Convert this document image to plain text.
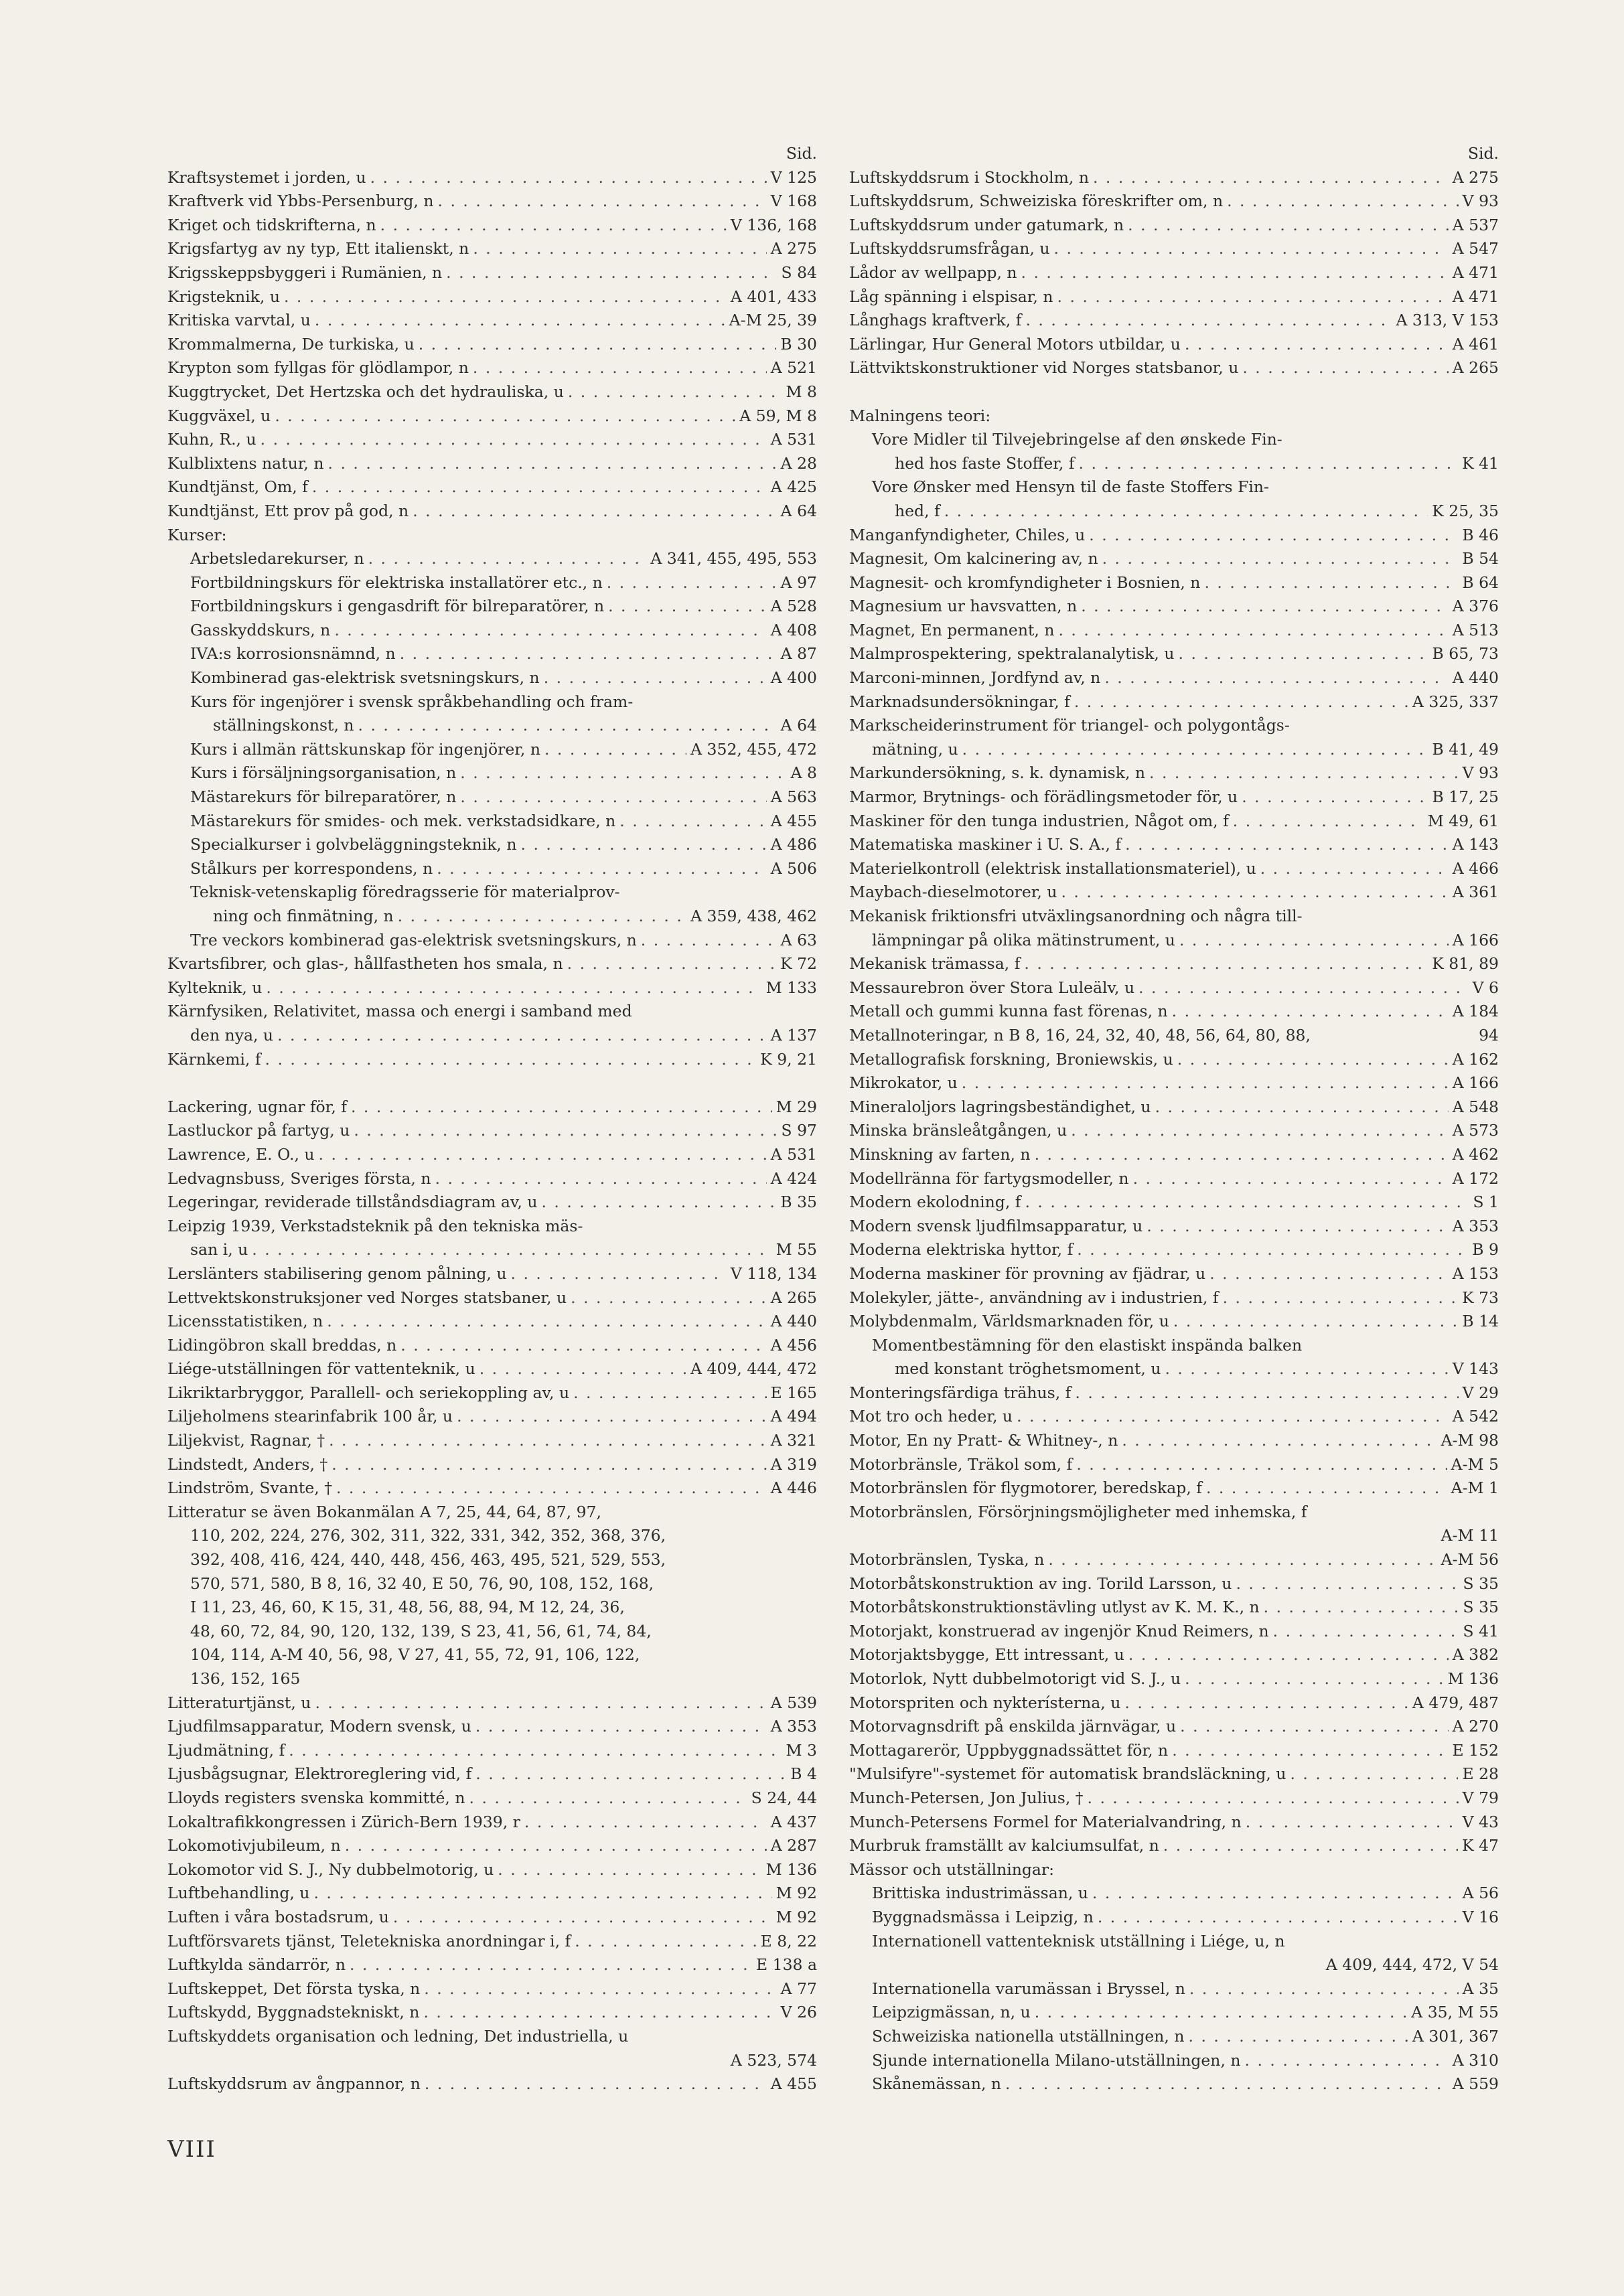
Sid.
Kraftsystemet i jorden, u . . .	V 125
Kraftverk vid Ybbs-Persenburg, n . . .	V 168
Kriget och tidskrifterna, n . . .	V 136, 168
Krigsfartyg av ny typ, Ett italienskt, n . . .	A 275
Krigsskeppsbyggeri i Rumänien, n . . .	S 84
Krigsteknik, u . . .	A 401, 433
Kritiska varvtal, u . . .	A-M 25, 39
Krommalmerna, De turkiska, u . . .	B 30
Krypton som fyllgas för glödlampor, n . . .	A 521
Kuggtrycket, Det Hertzska och det hydrauliska, u . . .	M 8
Kuggväxel, u . . .	A 59, M 8
Kuhn, R., u . . .	A 531
Kulblixtens natur, n . . .	A 28
Kundtjänst, Om, f . . .	A 425
Kundtjänst, Ett prov på god, n . . .	A 64
Kurser:
Arbetsledarekurser, n . . .	A 341, 455, 495, 553
Fortbildningskurs för elektriska installatörer etc., n . . .	A 97
Fortbildningskurs i gengasdrift för bilreparatörer, n . . .	A 528
Gasskyddskurs, n . . .	A 408
IVA:s korrosionsnämnd, n . . .	A 87
Kombinerad gas-elektrisk svetsningskurs, n . . .	A 400
Kurs för ingenjörer i svensk språkbehandling och fram-
ställningskonst, n . . .	A 64
Kurs i allmän rättskunskap för ingenjörer, n . . .	A 352, 455, 472
Kurs i försäljningsorganisation, n . . .	A 8
Mästarekurs för bilreparatörer, n . . .	A 563
Mästarekurs för smides- och mek. verkstadsidkare, n . . .	A 455
Specialkurser i golvbeläggningsteknik, n . . .	A 486
Stålkurs per korrespondens, n . . .	A 506
Teknisk-vetenskaplig föredragsserie för materialprov-
ning och finmätning, n . . .	A 359, 438, 462
Tre veckors kombinerad gas-elektrisk svetsningskurs, n . . .	A 63
Kvartsfibrer, och glas-, hållfastheten hos smala, n . . .	K 72
Kylteknik, u . . .	M 133
Kärnfysiken, Relativitet, massa och energi i samband med
den nya, u . . .	A 137
Kärnkemi, f . . .	K 9, 21
Lackering, ugnar för, f . . .	M 29
Lastluckor på fartyg, u . . .	S 97
Lawrence, E. O., u . . .	A 531
Ledvagnsbuss, Sveriges första, n . . .	A 424
Legeringar, reviderade tillståndsdiagram av, u . . .	B 35
Leipzig 1939, Verkstadsteknik på den tekniska mäs-
san i, u . . .	M 55
Lerslänters stabilisering genom pålning, u . . .	V 118, 134
Lettvektskonstruksjoner ved Norges statsbaner, u . . .	A 265
Licensstatistiken, n . . .	A 440
Lidingöbron skall breddas, n . . .	A 456
Liége-utställningen för vattenteknik, u . . .	A 409, 444, 472
Likriktarbryggor, Parallell- och seriekoppling av, u . . .	E 165
Liljeholmens stearinfabrik 100 år, u . . .	A 494
Liljekvist, Ragnar, † . . .	A 321
Lindstedt, Anders, † . . .	A 319
Lindström, Svante, † . . .	A 446
Litteratur se även Bokanmälan A 7, 25, 44, 64, 87, 97,
110, 202, 224, 276, 302, 311, 322, 331, 342, 352, 368, 376,
392, 408, 416, 424, 440, 448, 456, 463, 495, 521, 529, 553,
570, 571, 580, B 8, 16, 32 40, E 50, 76, 90, 108, 152, 168,
I 11, 23, 46, 60, K 15, 31, 48, 56, 88, 94, M 12, 24, 36,
48, 60, 72, 84, 90, 120, 132, 139, S 23, 41, 56, 61, 74, 84,
104, 114, A-M 40, 56, 98, V 27, 41, 55, 72, 91, 106, 122,
136, 152, 165
Litteraturtjänst, u . . .	A 539
Ljudfilmsapparatur, Modern svensk, u . . .	A 353
Ljudmätning, f . . .	M 3
Ljusbågsugnar, Elektroreglering vid, f . . .	B 4
Lloyds registers svenska kommitté, n . . .	S 24, 44
Lokaltrafikkongressen i Zürich-Bern 1939, r . . .	A 437
Lokomotivjubileum, n . . .	A 287
Lokomotor vid S. J., Ny dubbelmotorig, u . . .	M 136
Luftbehandling, u . . .	M 92
Luften i våra bostadsrum, u . . .	M 92
Luftförsvarets tjänst, Teletekniska anordningar i, f . . .	E 8, 22
Luftkylda sändarrör, n . . .	E 138 a
Luftskeppet, Det första tyska, n . . .	A 77
Luftskydd, Byggnadstekniskt, n . . .	V 26
Luftskyddets organisation och ledning, Det industriella, u
A 523, 574
Luftskyddsrum av ångpannor, n . . .	A 455
Sid.
Luftskyddsrum i Stockholm, n . . .	A 275
Luftskyddsrum, Schweiziska föreskrifter om, n . . .	V 93
Luftskyddsrum under gatumark, n . . .	A 537
Luftskyddsrumsfrågan, u . . .	A 547
Lådor av wellpapp, n . . .	A 471
Låg spänning i elspisar, n . . .	A 471
Långhags kraftverk, f . . .	A 313, V 153
Lärlingar, Hur General Motors utbildar, u . . .	A 461
Lättviktskonstruktioner vid Norges statsbanor, u . . .	A 265
Malningens teori:
Vore Midler til Tilvejebringelse af den ønskede Fin-
hed hos faste Stoffer, f . . .	K 41
Vore Ønsker med Hensyn til de faste Stoffers Fin-
hed, f . . .	K 25, 35
Manganfyndigheter, Chiles, u . . .	B 46
Magnesit, Om kalcinering av, n . . .	B 54
Magnesit- och kromfyndigheter i Bosnien, n . . .	B 64
Magnesium ur havsvatten, n . . .	A 376
Magnet, En permanent, n . . .	A 513
Malmprospektering, spektralanalytisk, u . . .	B 65, 73
Marconi-minnen, Jordfynd av, n . . .	A 440
Marknadsundersökningar, f . . .	A 325, 337
Markscheiderinstrument för triangel- och polygontågs-
mätning, u . . .	B 41, 49
Markundersökning, s. k. dynamisk, n . . .	V 93
Marmor, Brytnings- och förädlingsmetoder för, u . . .	B 17, 25
Maskiner för den tunga industrien, Något om, f . . .	M 49, 61
Matematiska maskiner i U. S. A., f . . .	A 143
Materielkontroll (elektrisk installationsmateriel), u . . .	A 466
Maybach-dieselmotorer, u . . .	A 361
Mekanisk friktionsfri utväxlingsanordning och några till-
lämpningar på olika mätinstrument, u . . .	A 166
Mekanisk trämassa, f . . .	K 81, 89
Messaurebron över Stora Luleälv, u . . .	V 6
Metall och gummi kunna fast förenas, n . . .	A 184
Metallnoteringar, n B 8, 16, 24, 32, 40, 48, 56, 64, 80, 88,	94
Metallografisk forskning, Broniewskis, u . . .	A 162
Mikrokator, u . . .	A 166
Mineraloljors lagringsbeständighet, u . . .	A 548
Minska bränsleåtgången, u . . .	A 573
Minskning av farten, n . . .	A 462
Modellränna för fartygsmodeller, n . . .	A 172
Modern ekolodning, f . . .	S 1
Modern svensk ljudfilmsapparatur, u . . .	A 353
Moderna elektriska hyttor, f . . .	B 9
Moderna maskiner för provning av fjädrar, u . . .	A 153
Molekyler, jätte-, användning av i industrien, f . . .	K 73
Molybdenmalm, Världsmarknaden för, u . . .	B 14
Momentbestämning för den elastiskt inspända balken
med konstant tröghetsmoment, u . . .	V 143
Monteringsfärdiga trähus, f . . .	V 29
Mot tro och heder, u . . .	A 542
Motor, En ny Pratt- & Whitney-, n . . .	A-M 98
Motorbränsle, Träkol som, f . . .	A-M 5
Motorbränslen för flygmotorer, beredskap, f . . .	A-M 1
Motorbränslen, Försörjningsmöjligheter med inhemska, f
A-M 11
Motorbränslen, Tyska, n . . .	A-M 56
Motorbåtskonstruktion av ing. Torild Larsson, u . . .	S 35
Motorbåtskonstruktionstävling utlyst av K. M. K., n . . .	S 35
Motorjakt, konstruerad av ingenjör Knud Reimers, n . . .	S 41
Motorjaktsbygge, Ett intressant, u . . .	A 382
Motorlok, Nytt dubbelmotorigt vid S. J., u . . .	M 136
Motorspriten och nykterísterna, u . . .	A 479, 487
Motorvagnsdrift på enskilda järnvägar, u . . .	A 270
Mottagarerör, Uppbyggnadssättet för, n . . .	E 152
"Mulsifyre"-systemet för automatisk brandsläckning, u . . .	E 28
Munch-Petersen, Jon Julius, † . . .	V 79
Munch-Petersens Formel for Materialvandring, n . . .	V 43
Murbruk framställt av kalciumsulfat, n . . .	K 47
Mässor och utställningar:
Brittiska industrimässan, u . . .	A 56
Byggnadsmässa i Leipzig, n . . .	V 16
Internationell vattenteknisk utställning i Liége, u, n
A 409, 444, 472, V 54
Internationella varumässan i Bryssel, n . . .	A 35
Leipzigmässan, n, u . . .	A 35, M 55
Schweiziska nationella utställningen, n . . .	A 301, 367
Sjunde internationella Milano-utställningen, n . . .	A 310
Skånemässan, n . . .	A 559
VIII
